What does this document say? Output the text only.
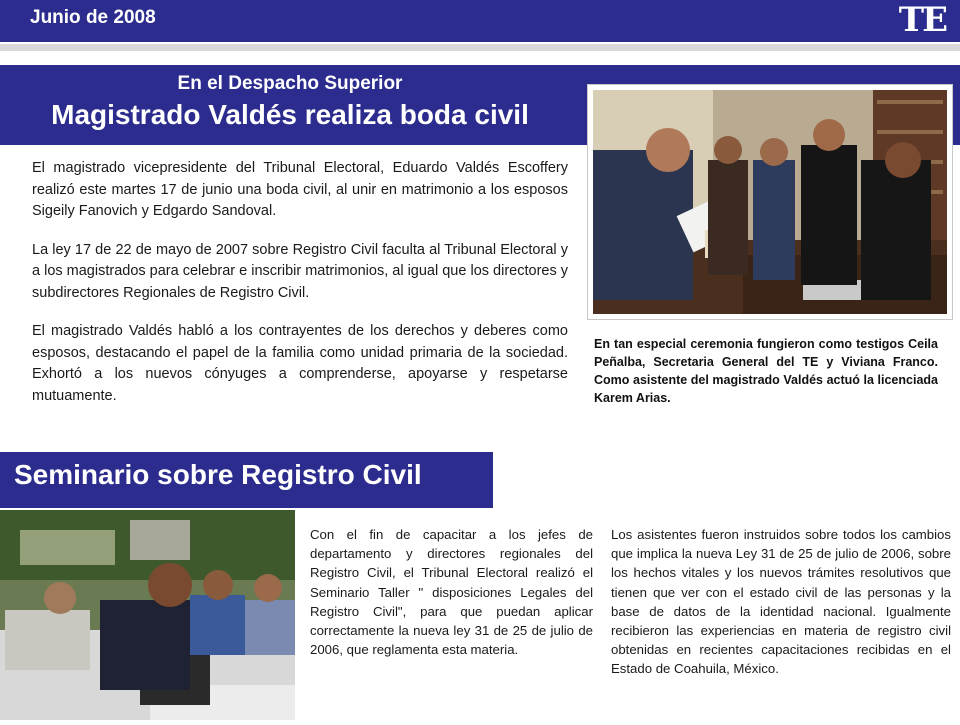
Junio de 2008	TE
En el Despacho Superior
Magistrado Valdés realiza boda civil

El magistrado vicepresidente del Tribunal Electoral, Eduardo Valdés Escoffery realizó este martes 17 de junio una boda civil, al unir en matrimonio a los esposos Sigeily Fanovich y Edgardo Sandoval.

La ley 17 de 22 de mayo de 2007 sobre Registro Civil faculta al Tribunal Electoral y a los magistrados para celebrar e inscribir matrimonios, al igual que los directores y subdirectores Regionales de Registro Civil.

El magistrado Valdés habló a los contrayentes de los derechos y deberes como esposos, destacando el papel de la familia como unidad primaria de la sociedad. Exhortó a los nuevos cónyuges a comprenderse, apoyarse y respetarse mutuamente.

En tan especial ceremonia fungieron como testigos Ceila Peñalba, Secretaria General del TE y Viviana Franco. Como asistente del magistrado Valdés actuó la licenciada Karem Arias.
Seminario sobre Registro Civil
Con el fin de capacitar a los jefes de departamento y directores regionales del Registro Civil, el Tribunal Electoral realizó el Seminario Taller " disposiciones Legales del Registro Civil", para que puedan aplicar correctamente la nueva ley 31 de 25 de julio de 2006, que reglamenta esta materia.
Los asistentes fueron instruidos sobre todos los cambios que implica la nueva Ley 31 de 25 de julio de 2006, sobre los hechos vitales y los nuevos trámites resolutivos que tienen que ver con el estado civil de las personas y la base de datos de la identidad nacional. Igualmente recibieron las experiencias en materia de registro civil obtenidas en recientes capacitaciones recibidas en el Estado de Coahuila, México.
